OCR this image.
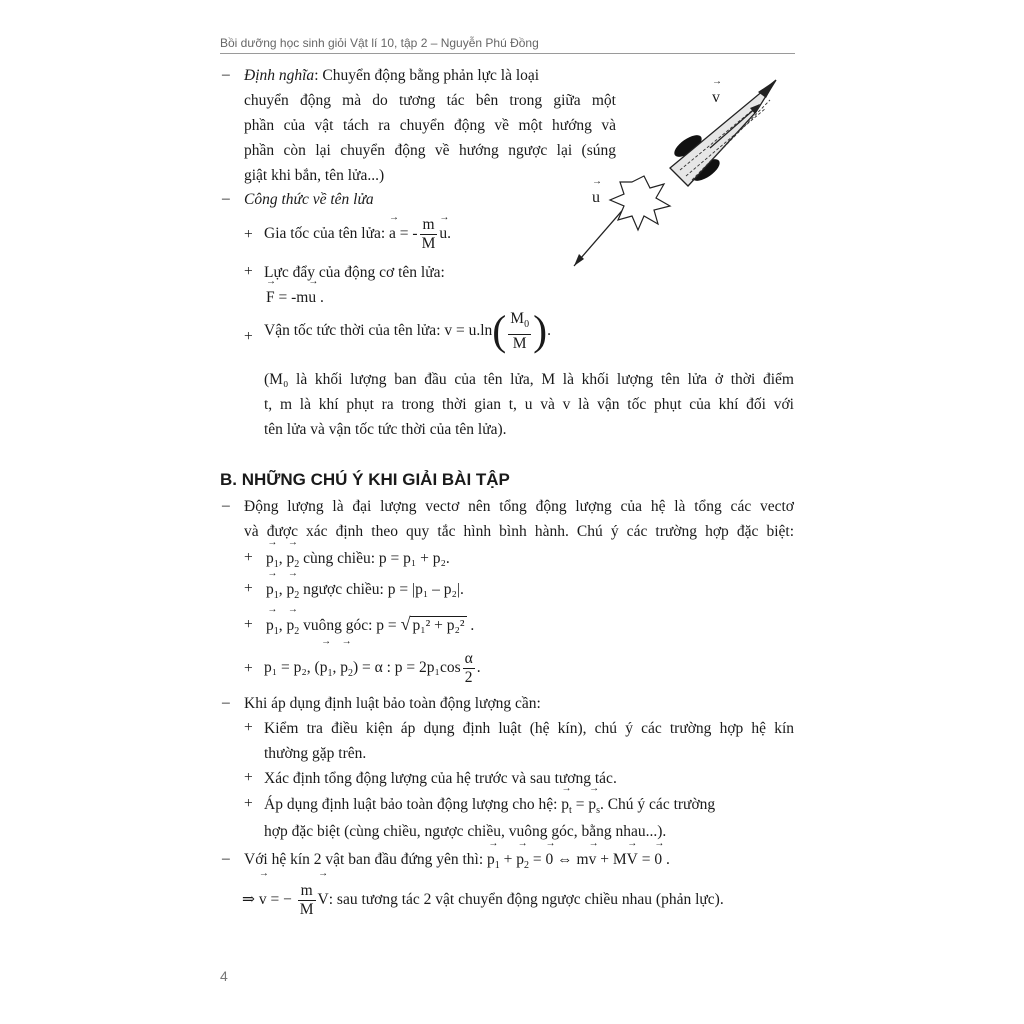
Bồi dưỡng học sinh giỏi Vật lí 10, tập 2 – Nguyễn Phú Đồng
– Định nghĩa: Chuyển động bằng phản lực là loại
chuyển động mà do tương tác bên trong giữa một
phần của vật tách ra chuyển động về một hướng và
phần còn lại chuyển động về hướng ngược lại (súng
giật khi bắn, tên lửa...)
– Công thức về tên lửa
→ v
→ u
+ Gia tốc của tên lửa: → a = - $\frac{m}{M}$
→ u.
+ Lực đẩy của động cơ tên lửa:
→ F = -m→ u .
+ Vận tốc tức thời của tên lửa: $v = u.\ln( \frac{M_0}{M}$ ).
(M₀ là khối lượng ban đầu của tên lửa, M là khối lượng tên lửa ở thời điểm
t, m là khí phụt ra trong thời gian t, u và v là vận tốc phụt của khí đối với
tên lửa và vận tốc tức thời của tên lửa).
B. NHỮNG CHÚ Ý KHI GIẢI BÀI TẬP
– Động lượng là đại lượng vectơ nên tổng động lượng của hệ là tổng các vectơ
và được xác định theo quy tắc hình bình hành. Chú ý các trường hợp đặc biệt:
+
→ $p_1$, → $p_2$ cùng chiều: p = p₁ + p₂.
+
→ $p_1$, → $p_2$ ngược chiều: p = |p₁ – p₂|.
+
→ $p_1$, → $p_2$ vuông góc: p = √ p₁² + p₂² .
+ p₁ = p₂, (→ $p_1$, → $p_2) = \alpha$ : $p = 2p_1\cos \frac{\alpha}{2}$ .
– Khi áp dụng định luật bảo toàn động lượng cần:
+ Kiểm tra điều kiện áp dụng định luật (hệ kín), chú ý các trường hợp hệ kín
thường gặp trên.
+ Xác định tổng động lượng của hệ trước và sau tương tác.
+ Áp dụng định luật bảo toàn động lượng cho hệ: → $p_t$ = → $p_s$. Chú ý các trường
hợp đặc biệt (cùng chiều, ngược chiều, vuông góc, bằng nhau...).
– Với hệ kín 2 vật ban đầu đứng yên thì: → $p_1$ + → $p_2$ = → 0 ⇔ m→ v + M→ V = → 0 .
⇒ → v = − $\frac{m}{M}$
→ V: sau tương tác 2 vật chuyển động ngược chiều nhau (phản lực).
4
